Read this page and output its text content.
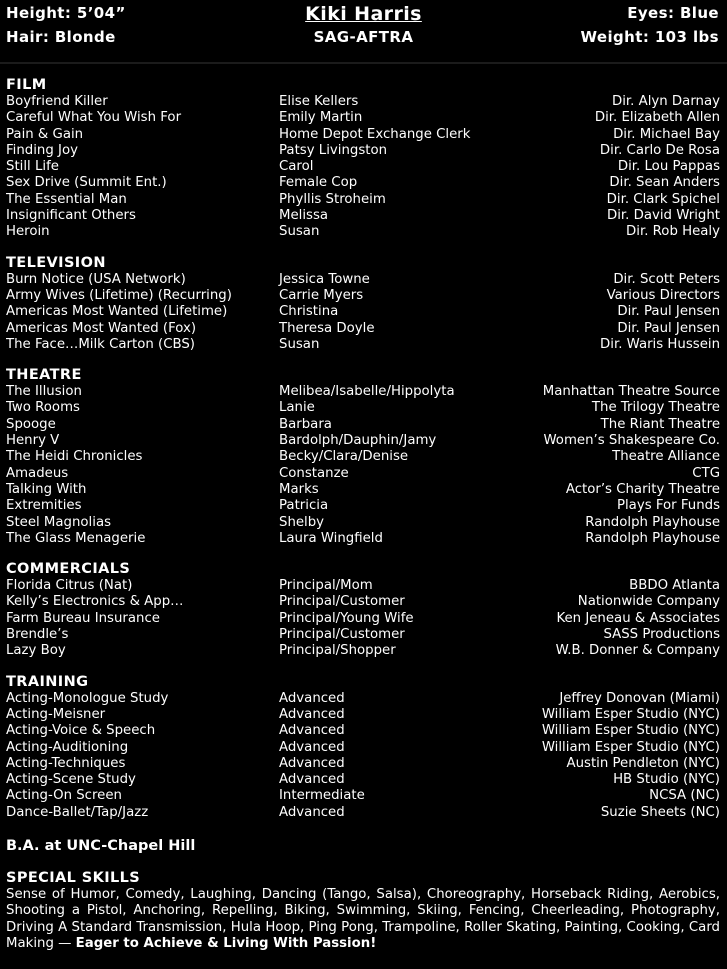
Height: 5’04”
Hair: Blonde
Kiki Harris
SAG-AFTRA
Eyes: Blue
Weight: 103 lbs
FILM
Boyfriend Killer	Elise Kellers	Dir. Alyn Darnay
Careful What You Wish For	Emily Martin	Dir. Elizabeth Allen
Pain & Gain	Home Depot Exchange Clerk	Dir. Michael Bay
Finding Joy	Patsy Livingston	Dir. Carlo De Rosa
Still Life	Carol	Dir. Lou Pappas
Sex Drive (Summit Ent.)	Female Cop	Dir. Sean Anders
The Essential Man	Phyllis Stroheim	Dir. Clark Spichel
Insignificant Others	Melissa	Dir. David Wright
Heroin	Susan	Dir. Rob Healy
TELEVISION
Burn Notice (USA Network)	Jessica Towne	Dir. Scott Peters
Army Wives (Lifetime) (Recurring)	Carrie Myers	Various Directors
Americas Most Wanted (Lifetime)	Christina	Dir. Paul Jensen
Americas Most Wanted (Fox)	Theresa Doyle	Dir. Paul Jensen
The Face…Milk Carton (CBS)	Susan	Dir. Waris Hussein
THEATRE
The Illusion	Melibea/Isabelle/Hippolyta	Manhattan Theatre Source
Two Rooms	Lanie	The Trilogy Theatre
Spooge	Barbara	The Riant Theatre
Henry V	Bardolph/Dauphin/Jamy	Women’s Shakespeare Co.
The Heidi Chronicles	Becky/Clara/Denise	Theatre Alliance
Amadeus	Constanze	CTG
Talking With	Marks	Actor’s Charity Theatre
Extremities	Patricia	Plays For Funds
Steel Magnolias	Shelby	Randolph Playhouse
The Glass Menagerie	Laura Wingfield	Randolph Playhouse
COMMERCIALS
Florida Citrus (Nat)	Principal/Mom	BBDO Atlanta
Kelly’s Electronics & App…	Principal/Customer	Nationwide Company
Farm Bureau Insurance	Principal/Young Wife	Ken Jeneau & Associates
Brendle’s	Principal/Customer	SASS Productions
Lazy Boy	Principal/Shopper	W.B. Donner & Company
TRAINING
Acting-Monologue Study	Advanced	Jeffrey Donovan (Miami)
Acting-Meisner	Advanced	William Esper Studio (NYC)
Acting-Voice & Speech	Advanced	William Esper Studio (NYC)
Acting-Auditioning	Advanced	William Esper Studio (NYC)
Acting-Techniques	Advanced	Austin Pendleton (NYC)
Acting-Scene Study	Advanced	HB Studio (NYC)
Acting-On Screen	Intermediate	NCSA (NC)
Dance-Ballet/Tap/Jazz	Advanced	Suzie Sheets (NC)
B.A. at UNC-Chapel Hill
SPECIAL SKILLS
Sense of Humor, Comedy, Laughing, Dancing (Tango, Salsa), Choreography, Horseback Riding, Aerobics, Shooting a Pistol, Anchoring, Repelling, Biking, Swimming, Skiing, Fencing, Cheerleading, Photography, Driving A Standard Transmission, Hula Hoop, Ping Pong, Trampoline, Roller Skating, Painting, Cooking, Card Making — Eager to Achieve & Living With Passion!
